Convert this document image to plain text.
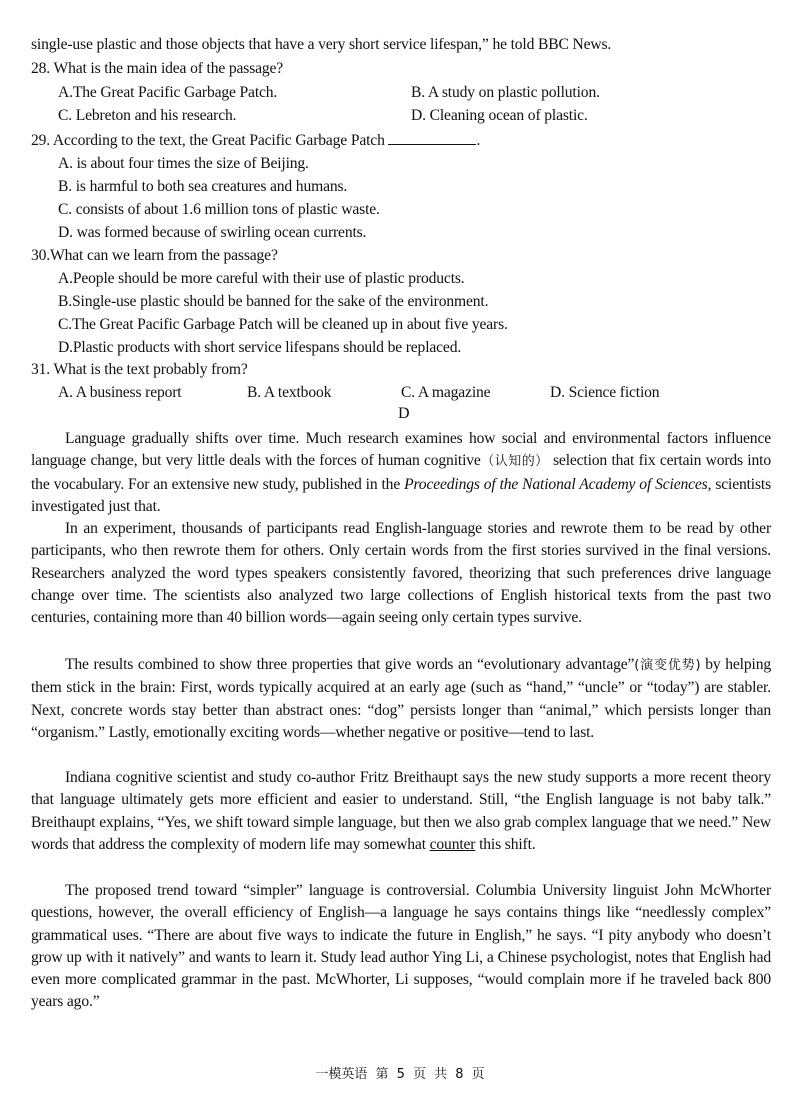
single-use plastic and those objects that have a very short service lifespan,” he told BBC News.
28. What is the main idea of the passage?
A.The Great Pacific Garbage Patch.	B. A study on plastic pollution.
C. Lebreton and his research.	D. Cleaning ocean of plastic.
29. According to the text, the Great Pacific Garbage Patch	.
A. is about four times the size of Beijing.
B. is harmful to both sea creatures and humans.
C. consists of about 1.6 million tons of plastic waste.
D. was formed because of swirling ocean currents.
30.What can we learn from the passage?
A.People should be more careful with their use of plastic products.
B.Single-use plastic should be banned for the sake of the environment.
C.The Great Pacific Garbage Patch will be cleaned up in about five years.
D.Plastic products with short service lifespans should be replaced.
31. What is the text probably from?
A. A business report	B. A textbook	C. A magazine	D. Science fiction
D
Language gradually shifts over time. Much research examines how social and environmental factors influence language change, but very little deals with the forces of human cognitive（认知的） selection that fix certain words into the vocabulary. For an extensive new study, published in the Proceedings of the National Academy of Sciences, scientists investigated just that.
In an experiment, thousands of participants read English-language stories and rewrote them to be read by other participants, who then rewrote them for others. Only certain words from the first stories survived in the final versions. Researchers analyzed the word types speakers consistently favored, theorizing that such preferences drive language change over time. The scientists also analyzed two large collections of English historical texts from the past two centuries, containing more than 40 billion words—again seeing only certain types survive.
The results combined to show three properties that give words an “evolutionary advantage”(演变优势) by helping them stick in the brain: First, words typically acquired at an early age (such as “hand,” “uncle” or “today”) are stabler. Next, concrete words stay better than abstract ones: “dog” persists longer than “animal,” which persists longer than “organism.” Lastly, emotionally exciting words—whether negative or positive—tend to last.
Indiana cognitive scientist and study co-author Fritz Breithaupt says the new study supports a more recent theory that language ultimately gets more efficient and easier to understand. Still, “the English language is not baby talk.” Breithaupt explains, “Yes, we shift toward simple language, but then we also grab complex language that we need.” New words that address the complexity of modern life may somewhat counter this shift.
The proposed trend toward “simpler” language is controversial. Columbia University linguist John McWhorter questions, however, the overall efficiency of English—a language he says contains things like “needlessly complex” grammatical uses. “There are about five ways to indicate the future in English,” he says. “I pity anybody who doesn’t grow up with it natively” and wants to learn it. Study lead author Ying Li, a Chinese psychologist, notes that English had even more complicated grammar in the past. McWhorter, Li supposes, “would complain more if he traveled back 800 years ago.”
一模英语 第 5 页 共 8 页
